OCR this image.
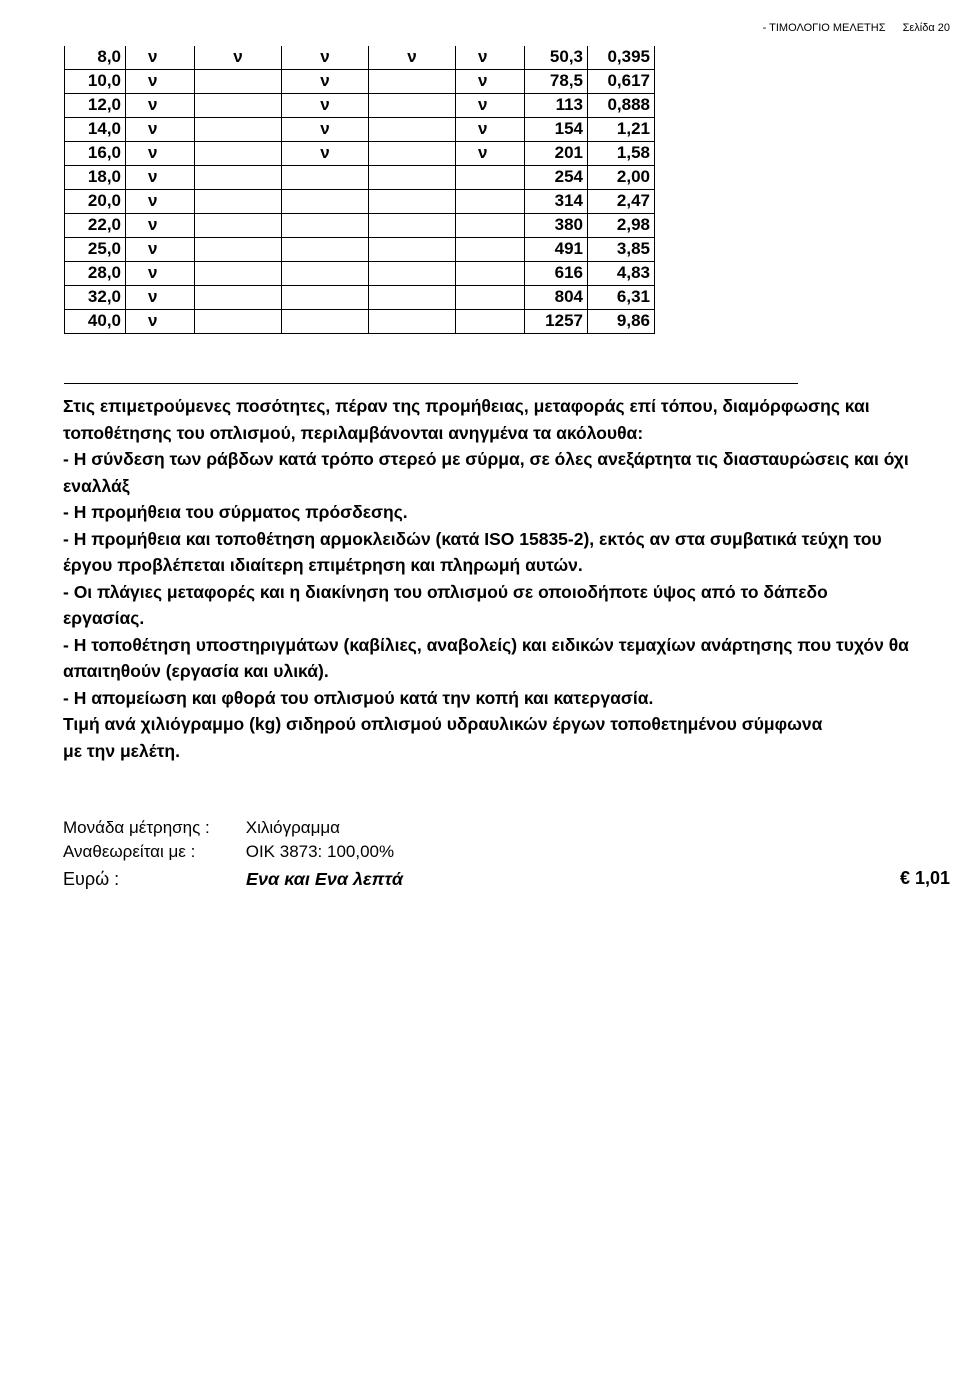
- ΤΙΜΟΛΟΓΙΟ ΜΕΛΕΤΗΣ Σελίδα 20
8,0	ν	ν	ν	ν	ν	50,3	0,395
10,0	ν		ν		ν	78,5	0,617
12,0	ν		ν		ν	113	0,888
14,0	ν		ν		ν	154	1,21
16,0	ν		ν		ν	201	1,58
18,0	ν					254	2,00
20,0	ν					314	2,47
22,0	ν					380	2,98
25,0	ν					491	3,85
28,0	ν					616	4,83
32,0	ν					804	6,31
40,0	ν					1257	9,86

Στις επιμετρούμενες ποσότητες, πέραν της προμήθειας, μεταφοράς επί τόπου, διαμόρφωσης και τοποθέτησης του οπλισμού, περιλαμβάνονται ανηγμένα τα ακόλουθα:

- Η σύνδεση των ράβδων κατά τρόπο στερεό με σύρμα, σε όλες ανεξάρτητα τις διασταυρώσεις και όχι εναλλάξ

- Η προμήθεια του σύρματος πρόσδεσης.

- Η προμήθεια και τοποθέτηση αρμοκλειδών (κατά ISO 15835-2), εκτός αν στα συμβατικά τεύχη του έργου προβλέπεται ιδιαίτερη επιμέτρηση και πληρωμή αυτών.

- Οι πλάγιες μεταφορές και η διακίνηση του οπλισμού σε οποιοδήποτε ύψος από το δάπεδο εργασίας.

- Η τοποθέτηση υποστηριγμάτων (καβίλιες, αναβολείς) και ειδικών τεμαχίων ανάρτησης που τυχόν θα απαιτηθούν (εργασία και υλικά).

- Η απομείωση και φθορά του οπλισμού κατά την κοπή και κατεργασία.

Τιμή ανά χιλιόγραμμο (kg) σιδηρού οπλισμού υδραυλικών έργων τοποθετημένου σύμφωνα

με την μελέτη.

Μονάδα μέτρησης : Χιλιόγραμμα
Αναθεωρείται με :	ΟΙΚ 3873: 100,00%
Ευρώ :	Ενα και Ενα λεπτά	€ 1,01
